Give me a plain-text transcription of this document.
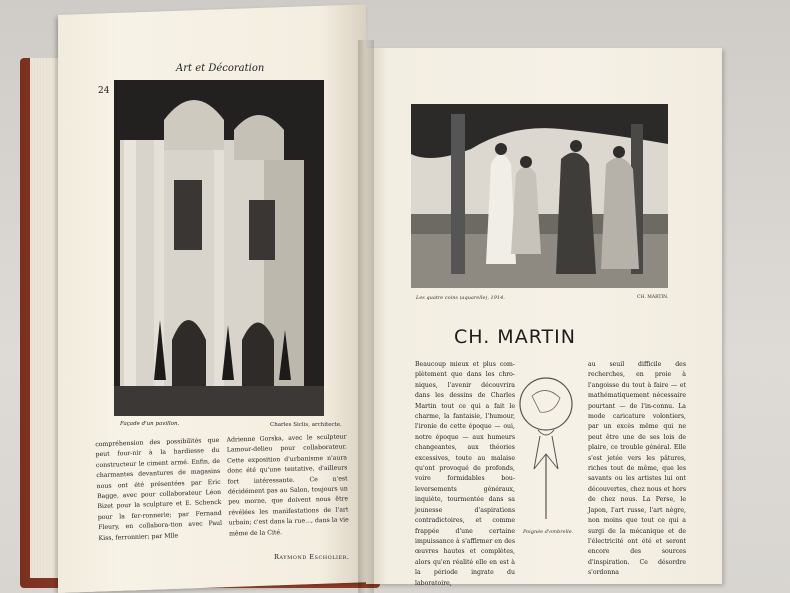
Art et Décoration
24
Façade d'un pavillon.	Charles Siclis, architecte.
compréhension des possibilités que peut four-nir à la hardiesse du constructeur le ciment armé. Enfin, de charmantes devantures de magasins nous ont été présentées par Eric Bagge, avec pour collaborateur Léon Bizet pour la sculpture et E. Schenck pour la fer-ronnerie; par Fernand Fleury, en collabora-tion avec Paul Kiss, ferronnier; par Mlle
Adrienne Gorska, avec le sculpteur Lamour-delieu pour collaborateur. Cette exposition d'urbanisme n'aura donc été qu'une tentative, d'ailleurs fort intéressante. Ce n'est décidément pas au Salon, toujours un peu morne, que doivent nous être révélées les manifestations de l'art urbain; c'est dans la rue..., dans la vie même de la Cité.
Raymond Escholier.
Les quatre coins (aquarelle), 1914.	CH. MARTIN.
CH. MARTIN
Beaucoup mieux et plus com-plètement que dans les chro-niques, l'avenir découvrira dans les dessins de Charles Martin tout ce qui a fait le charme, la fantaisie, l'humour, l'ironie de cette époque — oui, notre époque — aux humeurs changeantes, aux théories excessives, toute au malaise qu'ont provoqué de profonds, voire formidables bou-leversements généraux, inquiète, tourmentée dans sa jeunesse d'aspirations contradictoires, et comme frappée d'une certaine impuissance à s'affirmer en des œuvres hautes et complètes, alors qu'en réalité elle en est à la période ingrate du laboratoire,
au seuil difficile des recherches, en proie à l'angoisse du tout à faire — et mathématiquement nécessaire pourtant — de l'in-connu. La mode caricature volontiers, par un excès même qui ne peut être une de ses lois de plaire, ce trouble général. Elle s'est jetée vers les pâtures, riches tout de même, que les savants ou les artistes lui ont découvertes, chez nous et hors de chez nous. La Perse, le Japon, l'art russe, l'art nègre, non moins que tout ce qui a surgi de la mécanique et de l'électricité ont été et seront encore des sources d'inspiration. Ce désordre s'ordonna
Poignée d'ombrelle.
